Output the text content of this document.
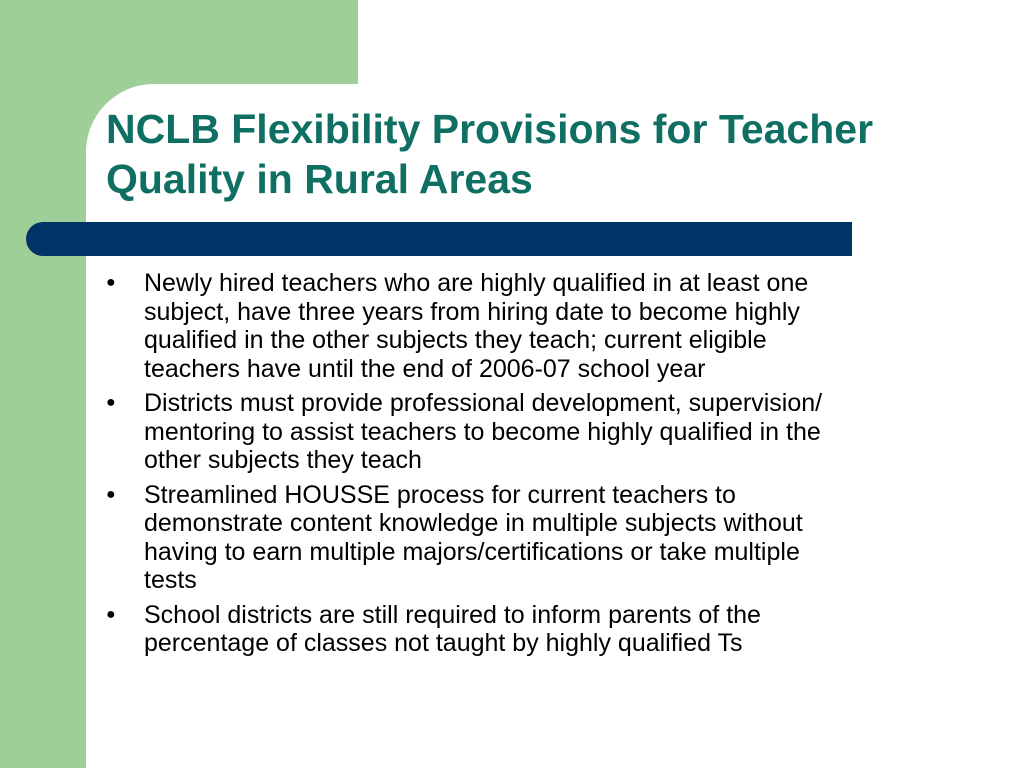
NCLB Flexibility Provisions for Teacher
Quality in Rural Areas
●	Newly hired teachers who are highly qualified in at least one
subject, have three years from hiring date to become highly
qualified in the other subjects they teach; current eligible
teachers have until the end of 2006-07 school year
●	Districts must provide professional development, supervision/
mentoring to assist teachers to become highly qualified in the
other subjects they teach
●	Streamlined HOUSSE process for current teachers to
demonstrate content knowledge in multiple subjects without
having to earn multiple majors/certifications or take multiple
tests
●	School districts are still required to inform parents of the
percentage of classes not taught by highly qualified Ts
